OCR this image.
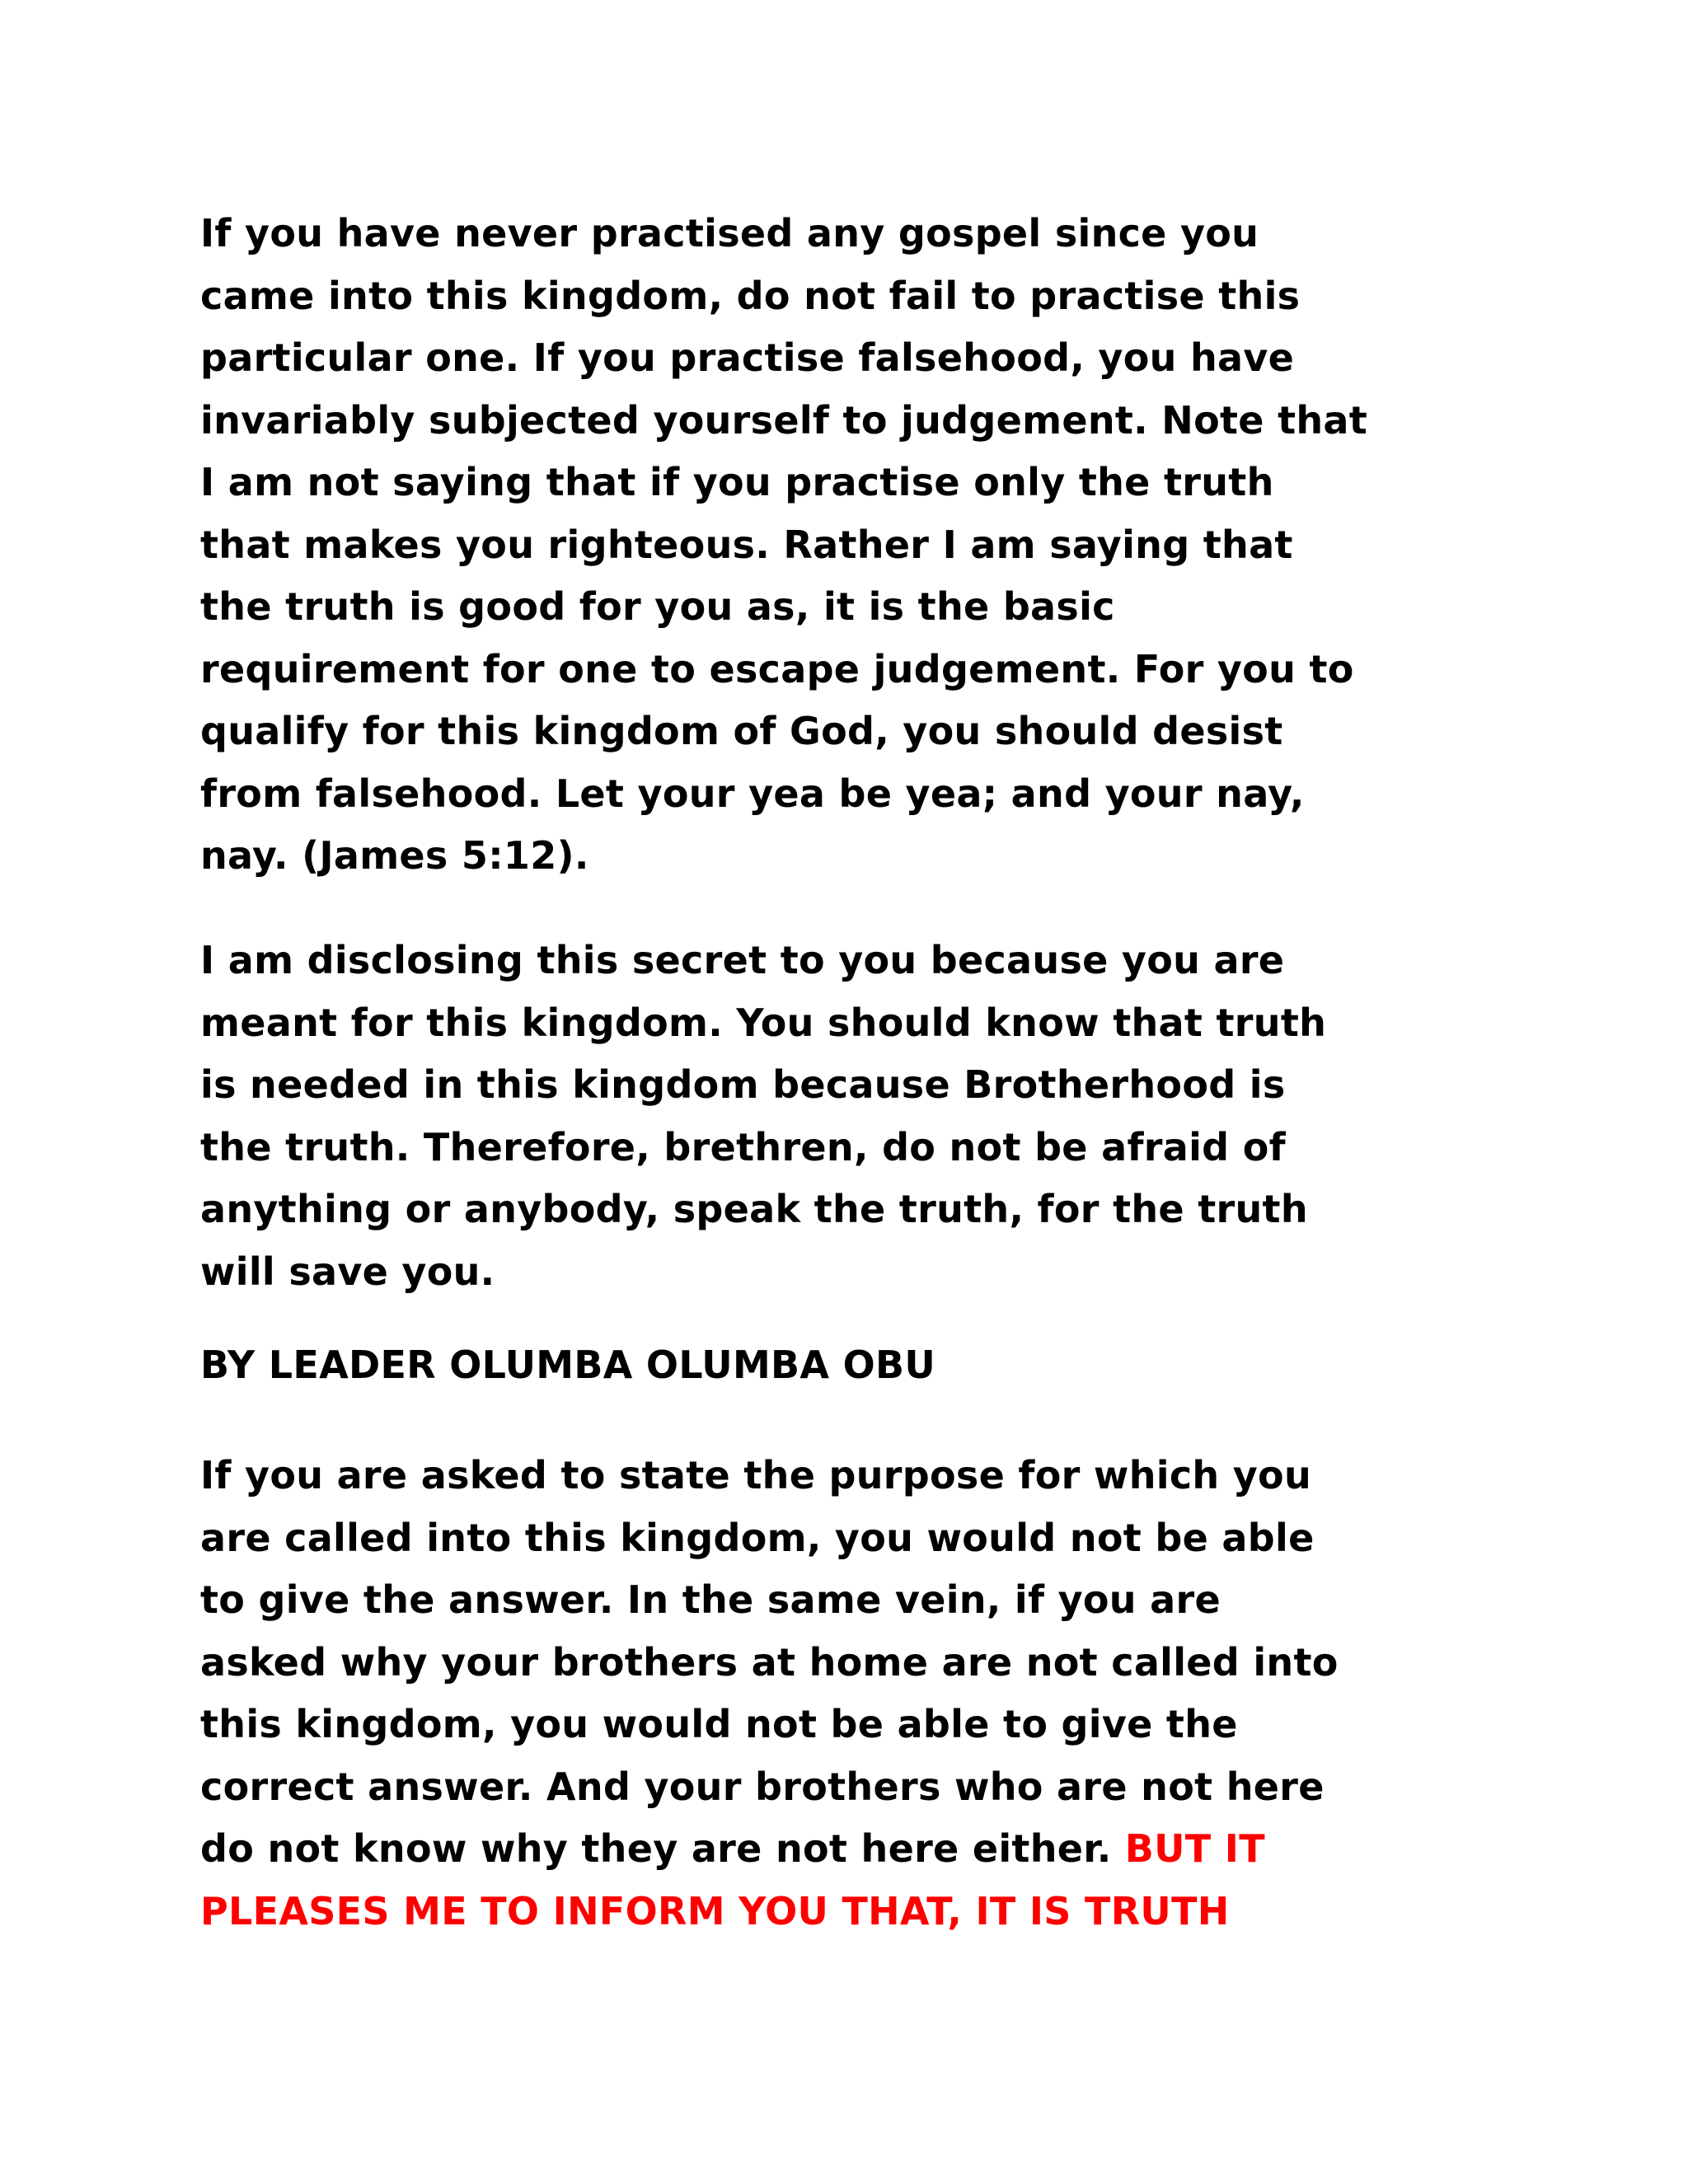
If you have never practised any gospel since you
came into this kingdom, do not fail to practise this
particular one. If you practise falsehood, you have
invariably subjected yourself to judgement. Note that
I am not saying that if you practise only the truth
that makes you righteous. Rather I am saying that
the truth is good for you as, it is the basic
requirement for one to escape judgement. For you to
qualify for this kingdom of God, you should desist
from falsehood. Let your yea be yea; and your nay,
nay. (James 5:12).
I am disclosing this secret to you because you are
meant for this kingdom. You should know that truth
is needed in this kingdom because Brotherhood is
the truth. Therefore, brethren, do not be afraid of
anything or anybody, speak the truth, for the truth
will save you.
BY LEADER OLUMBA OLUMBA OBU
If you are asked to state the purpose for which you
are called into this kingdom, you would not be able
to give the answer. In the same vein, if you are
asked why your brothers at home are not called into
this kingdom, you would not be able to give the
correct answer. And your brothers who are not here
do not know why they are not here either. BUT IT
PLEASES ME TO INFORM YOU THAT, IT IS TRUTH
